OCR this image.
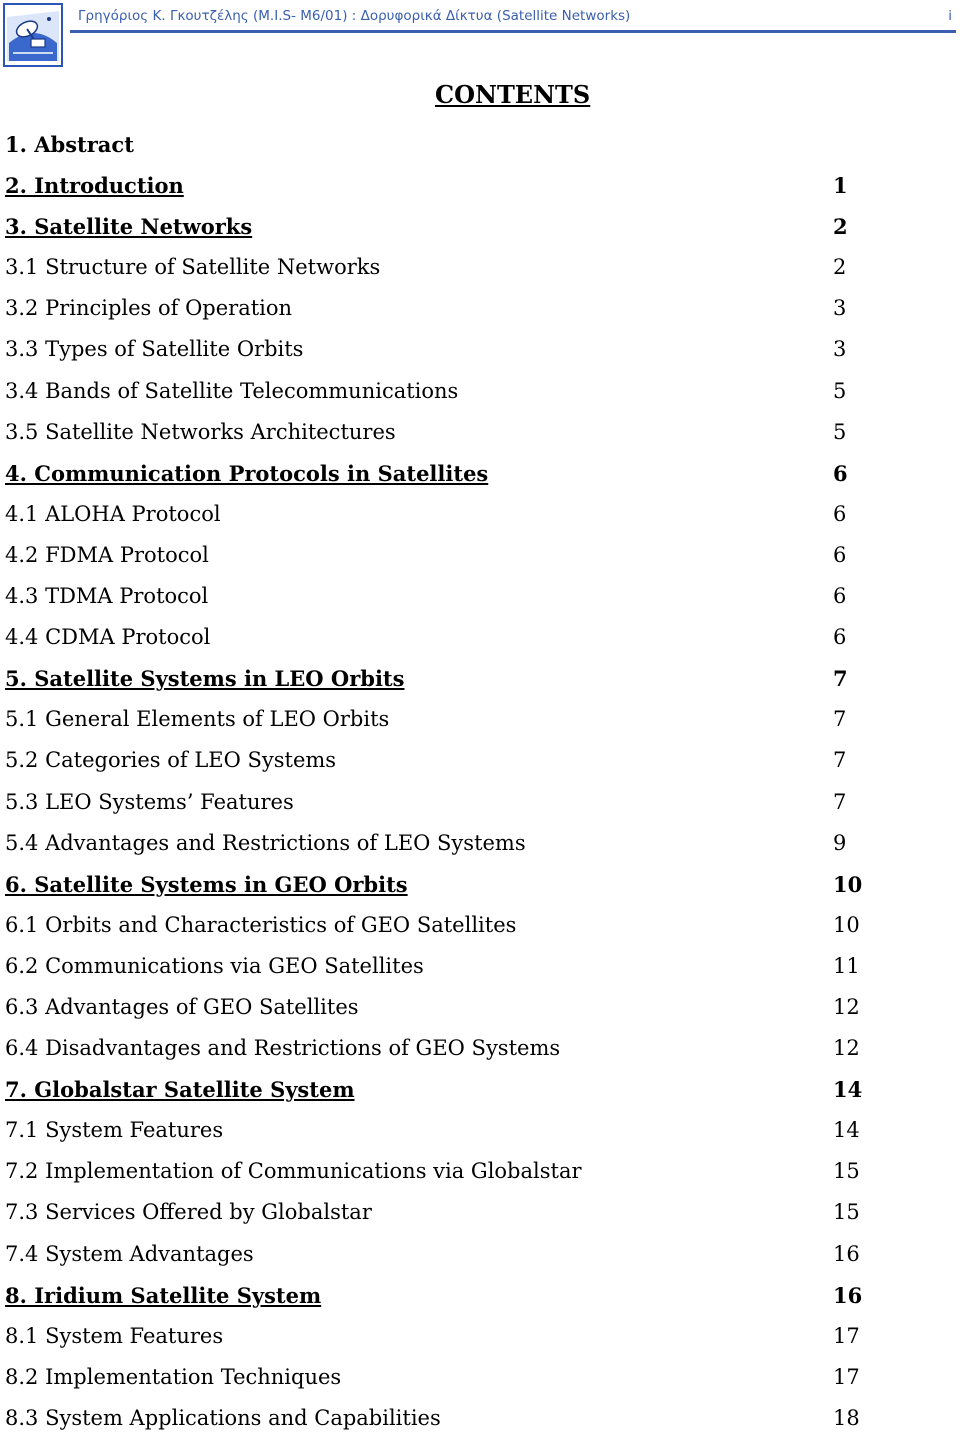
Γρηγόριος Κ. Γκουτζέλης (M.I.S- M6/01) : Δορυφορικά Δίκτυα (Satellite Networks)	i
CONTENTS
1. Abstract
2. Introduction	1
3. Satellite Networks	2
3.1 Structure of Satellite Networks	2
3.2 Principles of Operation	3
3.3 Types of Satellite Orbits	3
3.4 Bands of Satellite Telecommunications	5
3.5 Satellite Networks Architectures	5
4. Communication Protocols in Satellites	6
4.1 ALOHA Protocol	6
4.2 FDMA Protocol	6
4.3 TDMA Protocol	6
4.4 CDMA Protocol	6
5. Satellite Systems in LEO Orbits	7
5.1 General Elements of LEO Orbits	7
5.2 Categories of LEO Systems	7
5.3 LEO Systems’ Features	7
5.4 Advantages and Restrictions of LEO Systems	9
6. Satellite Systems in GEO Orbits	10
6.1 Orbits and Characteristics of GEO Satellites	10
6.2 Communications via GEO Satellites	11
6.3 Advantages of GEO Satellites	12
6.4 Disadvantages and Restrictions of GEO Systems	12
7. Globalstar Satellite System	14
7.1 System Features	14
7.2 Implementation of Communications via Globalstar	15
7.3 Services Offered by Globalstar	15
7.4 System Advantages	16
8. Iridium Satellite System	16
8.1 System Features	17
8.2 Implementation Techniques	17
8.3 System Applications and Capabilities	18
